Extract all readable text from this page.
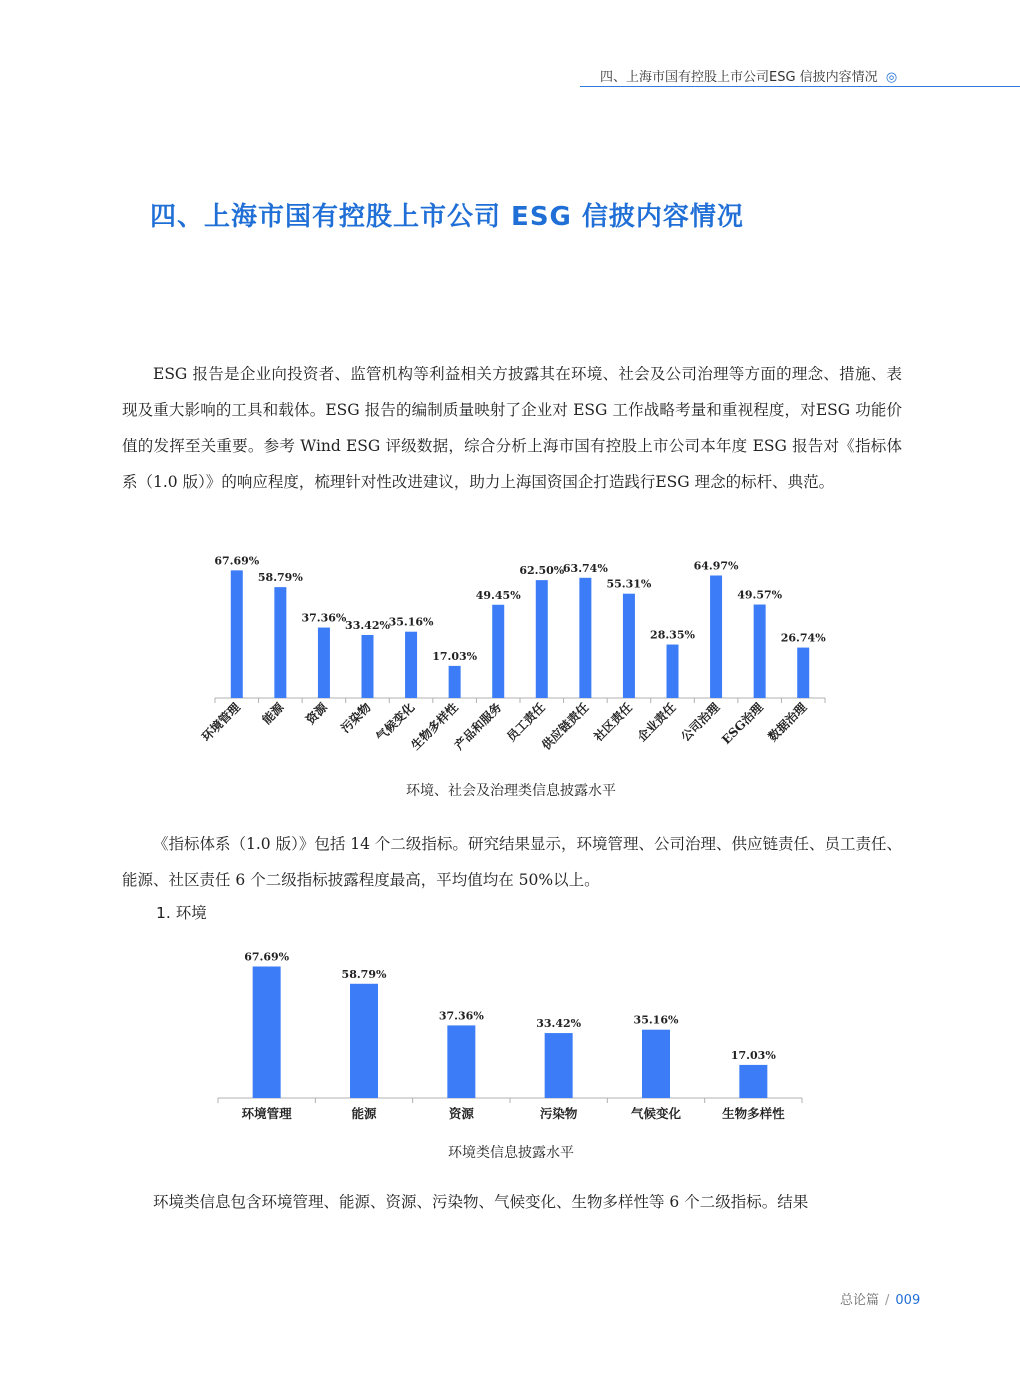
四、上海市国有控股上市公司ESG 信披内容情况 ◎
四、上海市国有控股上市公司 ESG 信披内容情况

ESG 报告是企业向投资者、监管机构等利益相关方披露其在环境、社会及公司治理等方面的理念、措施、表现及重大影响的工具和载体。ESG 报告的编制质量映射了企业对 ESG 工作战略考量和重视程度，对ESG 功能价值的发挥至关重要。参考 Wind ESG 评级数据，综合分析上海市国有控股上市公司本年度 ESG 报告对《指标体系（1.0 版）》的响应程度，梳理针对性改进建议，助力上海国资国企打造践行ESG 理念的标杆、典范。

67.69%
环境管理
58.79%
能源
37.36%
资源
33.42%
污染物
35.16%
气候变化
17.03%
生物多样性
49.45%
产品和服务
62.50%
员工责任
63.74%
供应链责任
55.31%
社区责任
28.35%
企业责任
64.97%
公司治理
49.57%
ESG治理
26.74%
数据治理
环境、社会及治理类信息披露水平

《指标体系（1.0 版）》包括 14 个二级指标。研究结果显示，环境管理、公司治理、供应链责任、员工责任、能源、社区责任 6 个二级指标披露程度最高，平均值均在 50%以上。

1. 环境
67.69%
环境管理
58.79%
能源
37.36%
资源
33.42%
污染物
35.16%
气候变化
17.03%
生物多样性
环境类信息披露水平

环境类信息包含环境管理、能源、资源、污染物、气候变化、生物多样性等 6 个二级指标。结果

总论篇 / 009
